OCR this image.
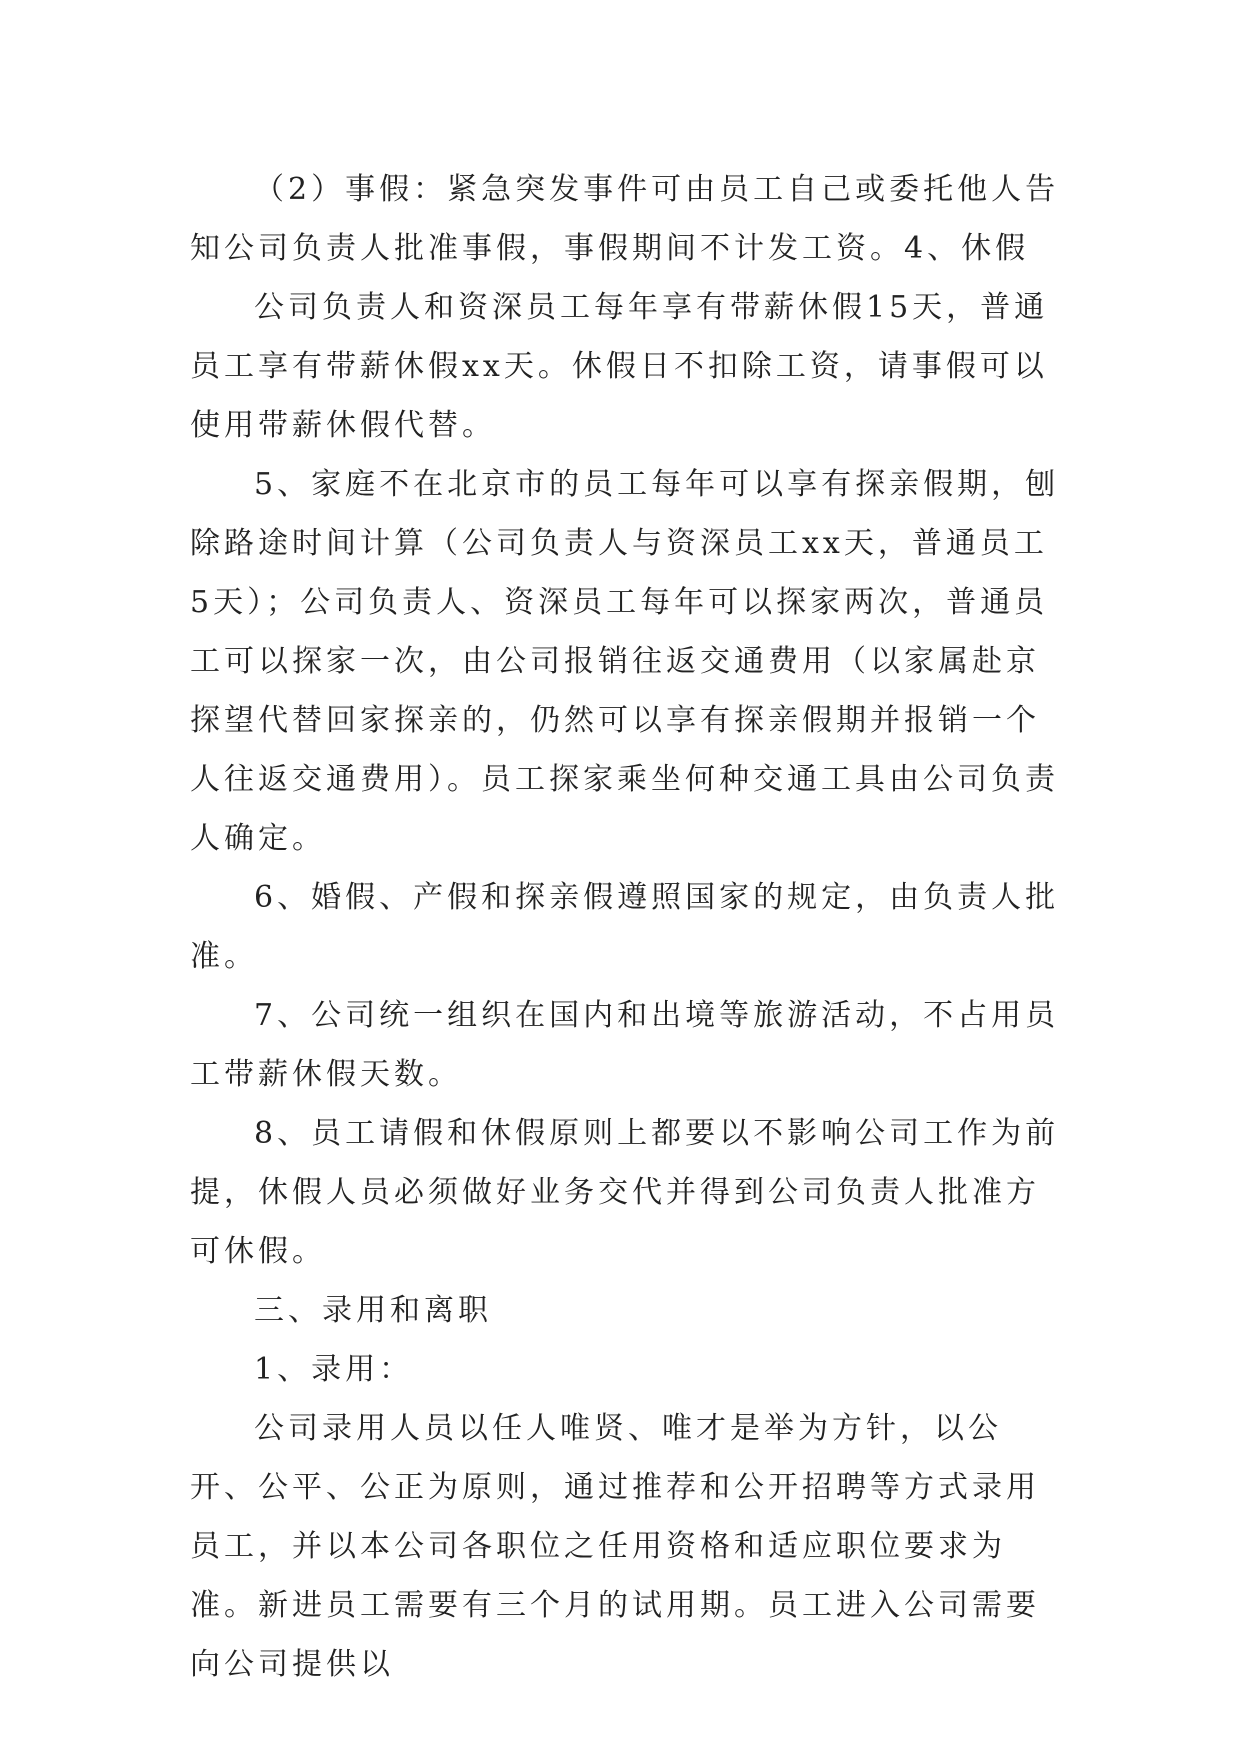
（2）事假：紧急突发事件可由员工自己或委托他人告知公司负责人批准事假，事假期间不计发工资。4、休假

公司负责人和资深员工每年享有带薪休假15天，普通员工享有带薪休假xx天。休假日不扣除工资，请事假可以使用带薪休假代替。

5、家庭不在北京市的员工每年可以享有探亲假期，刨除路途时间计算（公司负责人与资深员工xx天，普通员工5天）；公司负责人、资深员工每年可以探家两次，普通员工可以探家一次，由公司报销往返交通费用（以家属赴京探望代替回家探亲的，仍然可以享有探亲假期并报销一个人往返交通费用）。员工探家乘坐何种交通工具由公司负责人确定。

6、婚假、产假和探亲假遵照国家的规定，由负责人批准。

7、公司统一组织在国内和出境等旅游活动，不占用员工带薪休假天数。

8、员工请假和休假原则上都要以不影响公司工作为前提，休假人员必须做好业务交代并得到公司负责人批准方可休假。

三、录用和离职

1、录用：

公司录用人员以任人唯贤、唯才是举为方针，以公开、公平、公正为原则，通过推荐和公开招聘等方式录用员工，并以本公司各职位之任用资格和适应职位要求为准。新进员工需要有三个月的试用期。员工进入公司需要向公司提供以
